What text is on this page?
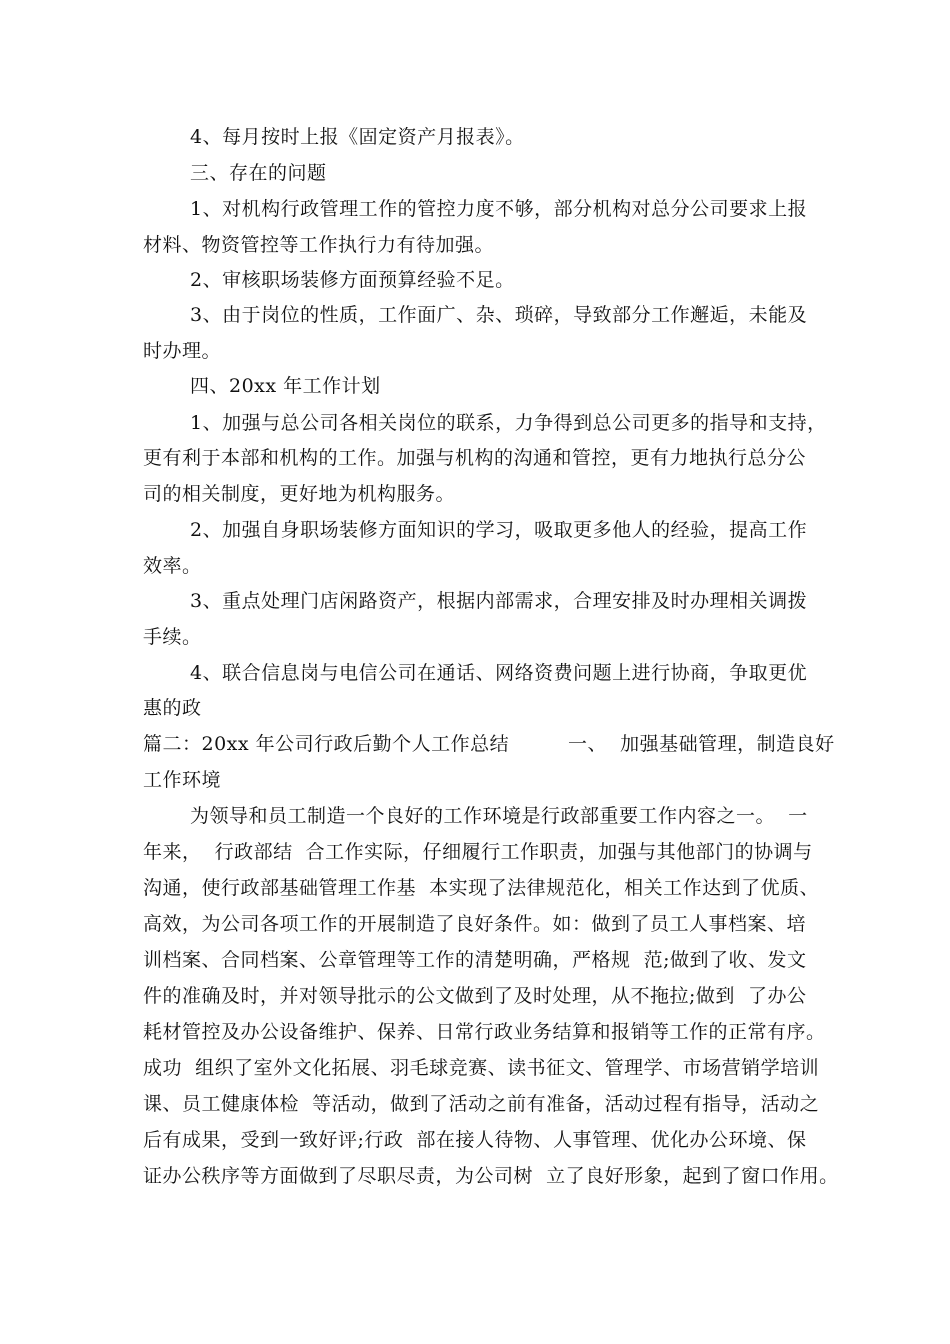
4、每月按时上报《固定资产月报表》。
三、存在的问题
1、对机构行政管理工作的管控力度不够，部分机构对总分公司要求上报
材料、物资管控等工作执行力有待加强。
2、审核职场装修方面预算经验不足。
3、由于岗位的性质，工作面广、杂、琐碎，导致部分工作邂逅，未能及
时办理。
四、20xx 年工作计划
1、加强与总公司各相关岗位的联系，力争得到总公司更多的指导和支持，
更有利于本部和机构的工作。加强与机构的沟通和管控，更有力地执行总分公
司的相关制度，更好地为机构服务。
2、加强自身职场装修方面知识的学习，吸取更多他人的经验，提高工作
效率。
3、重点处理门店闲路资产，根据内部需求，合理安排及时办理相关调拨
手续。
4、联合信息岗与电信公司在通话、网络资费问题上进行协商，争取更优
惠的政
篇二：20xx 年公司行政后勤个人工作总结         一、  加强基础管理，制造良好
工作环境
为领导和员工制造一个良好的工作环境是行政部重要工作内容之一。  一
年来，  行政部结  合工作实际，仔细履行工作职责，加强与其他部门的协调与
沟通，使行政部基础管理工作基  本实现了法律规范化，相关工作达到了优质、
高效，为公司各项工作的开展制造了良好条件。如：做到了员工人事档案、培
训档案、合同档案、公章管理等工作的清楚明确，严格规  范;做到了收、发文
件的准确及时，并对领导批示的公文做到了及时处理，从不拖拉;做到  了办公
耗材管控及办公设备维护、保养、日常行政业务结算和报销等工作的正常有序。
成功  组织了室外文化拓展、羽毛球竞赛、读书征文、管理学、市场营销学培训
课、员工健康体检  等活动，做到了活动之前有准备，活动过程有指导，活动之
后有成果，受到一致好评;行政  部在接人待物、人事管理、优化办公环境、保
证办公秩序等方面做到了尽职尽责，为公司树  立了良好形象，起到了窗口作用。
